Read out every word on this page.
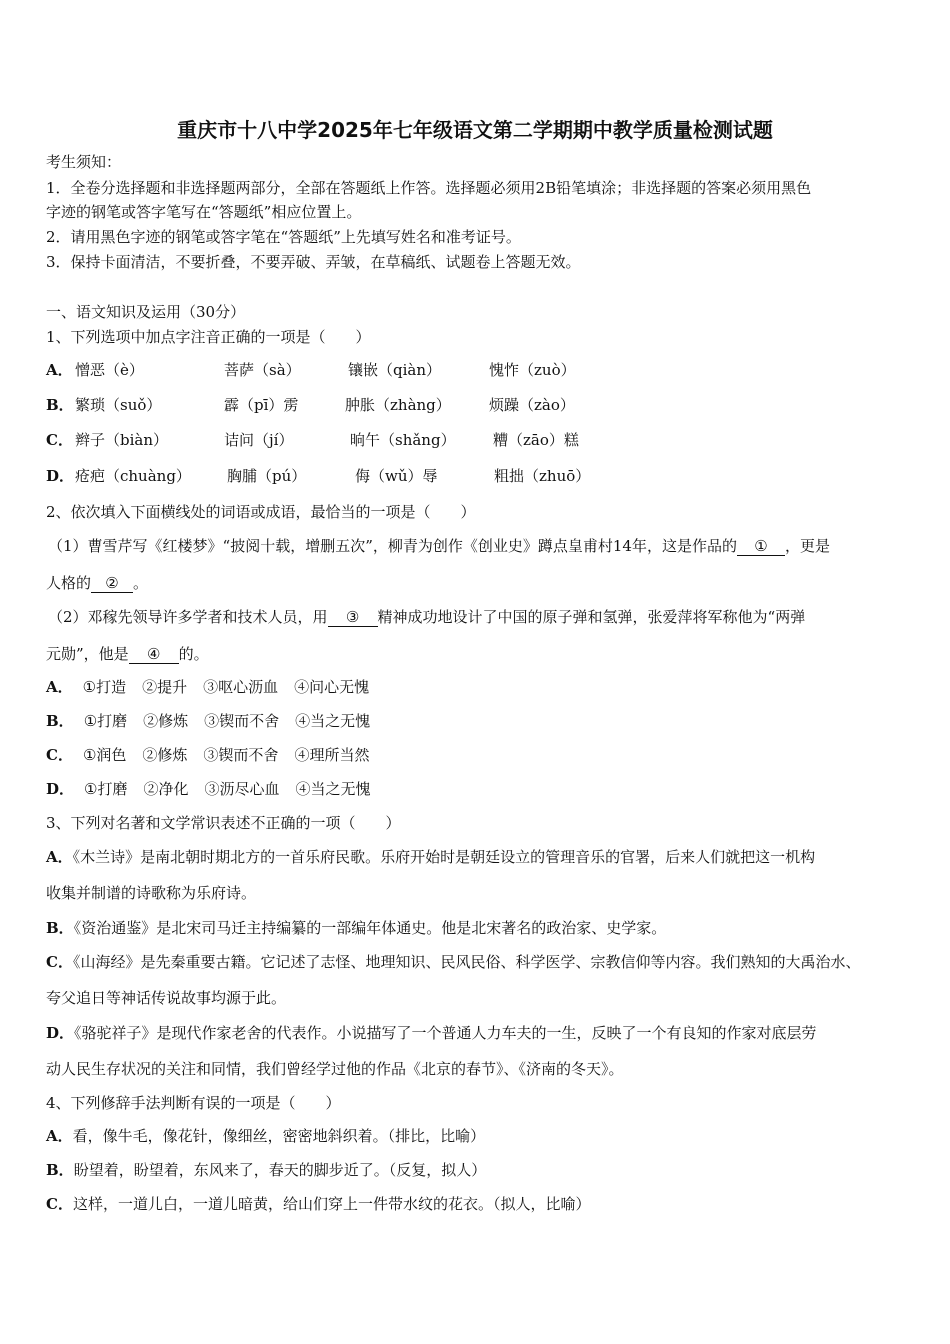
重庆市十八中学2025年七年级语文第二学期期中教学质量检测试题
考生须知：
1．全卷分选择题和非选择题两部分，全部在答题纸上作答。选择题必须用2B铅笔填涂；非选择题的答案必须用黑色
字迹的钢笔或答字笔写在“答题纸”相应位置上。
2．请用黑色字迹的钢笔或答字笔在“答题纸”上先填写姓名和准考证号。
3．保持卡面清洁，不要折叠，不要弄破、弄皱，在草稿纸、试题卷上答题无效。
一、语文知识及运用（30分）
1、下列选项中加点字注音正确的一项是（　　）
A． 憎恶（è）	菩萨（sà）	镶嵌（qiàn）	愧怍（zuò）
B． 繁琐（suǒ）	霹（pī）雳	肿胀（zhàng）	烦躁（zào）
C． 辫子（biàn）	诘问（jí）	晌午（shǎng） 糟（zāo）糕
D． 疮疤（chuàng） 胸脯（pú）	侮（wǔ）辱	粗拙（zhuō）
2、依次填入下面横线处的词语或成语，最恰当的一项是（　　）
（1）曹雪芹写《红楼梦》“披阅十载，增删五次”，柳青为创作《创业史》蹲点皇甫村14年，这是作品的 ① ，更是
人格的 ② 。
（2）邓稼先领导许多学者和技术人员，用 ③ 精神成功地设计了中国的原子弹和氢弹，张爱萍将军称他为“两弹
元勋”，他是 ④ 的。
A． ①打造 ②提升 ③呕心沥血 ④问心无愧
B． ①打磨 ②修炼 ③锲而不舍 ④当之无愧
C． ①润色 ②修炼 ③锲而不舍 ④理所当然
D． ①打磨 ②净化 ③沥尽心血 ④当之无愧
3、下列对名著和文学常识表述不正确的一项（　　）
A．《木兰诗》是南北朝时期北方的一首乐府民歌。乐府开始时是朝廷设立的管理音乐的官署，后来人们就把这一机构
收集并制谱的诗歌称为乐府诗。
B．《资治通鉴》是北宋司马迁主持编纂的一部编年体通史。他是北宋著名的政治家、史学家。
C．《山海经》是先秦重要古籍。它记述了志怪、地理知识、民风民俗、科学医学、宗教信仰等内容。我们熟知的大禹治水、
夸父追日等神话传说故事均源于此。
D．《骆驼祥子》是现代作家老舍的代表作。小说描写了一个普通人力车夫的一生，反映了一个有良知的作家对底层劳
动人民生存状况的关注和同情，我们曾经学过他的作品《北京的春节》、《济南的冬天》。
4、下列修辞手法判断有误的一项是（　　）
A．看，像牛毛，像花针，像细丝，密密地斜织着。（排比，比喻）
B．盼望着，盼望着，东风来了，春天的脚步近了。（反复，拟人）
C．这样，一道儿白，一道儿暗黄，给山们穿上一件带水纹的花衣。（拟人，比喻）
